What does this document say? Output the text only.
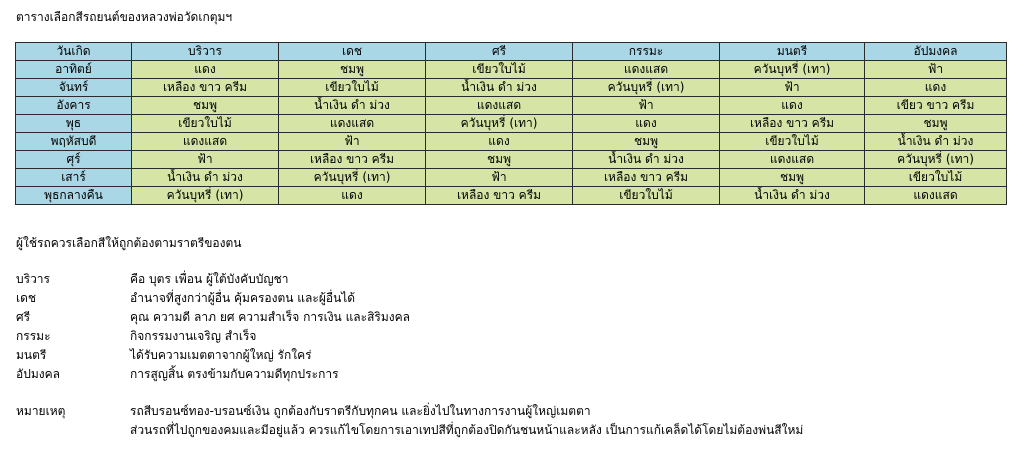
ตารางเลือกสีรถยนต์ของหลวงพ่อวัดเกตุมฯ
วันเกิด	บริวาร	เดช	ศรี	กรรมะ	มนตรี	อัปมงคล
อาทิตย์	แดง	ชมพู	เขียวใบไม้	แดงแสด	ควันบุหรี่ (เทา)	ฟ้า
จันทร์	เหลือง ขาว ครีม	เขียวใบไม้	น้ำเงิน ดำ ม่วง	ควันบุหรี่ (เทา)	ฟ้า	แดง
อังคาร	ชมพู	น้ำเงิน ดำ ม่วง	แดงแสด	ฟ้า	แดง	เขียว ขาว ครีม
พุธ	เขียวใบไม้	แดงแสด	ควันบุหรี่ (เทา)	แดง	เหลือง ขาว ครีม	ชมพู
พฤหัสบดี	แดงแสด	ฟ้า	แดง	ชมพู	เขียวใบไม้	น้ำเงิน ดำ ม่วง
ศุร์	ฟ้า	เหลือง ขาว ครีม	ชมพู	น้ำเงิน ดำ ม่วง	แดงแสด	ควันบุหรี่ (เทา)
เสาร์	น้ำเงิน ดำ ม่วง	ควันบุหรี่ (เทา)	ฟ้า	เหลือง ขาว ครีม	ชมพู	เขียวใบไม้
พุธกลางคืน	ควันบุหรี่ (เทา)	แดง	เหลือง ขาว ครีม	เขียวใบไม้	น้ำเงิน ดำ ม่วง	แดงแสด
ผู้ใช้รถควรเลือกสีให้ถูกต้องตามราตรีของตน
บริวาร	คือ บุตร เพื่อน ผู้ใต้บังคับบัญชา
เดช	อำนาจที่สูงกว่าผู้อื่น คุ้มครองตน และผู้อื่นได้
ศรี	คุณ ความดี ลาภ ยศ ความสำเร็จ การเงิน และสิริมงคล
กรรมะ	กิจกรรมงานเจริญ สำเร็จ
มนตรี	ได้รับความเมตตาจากผู้ใหญ่ รักใคร่
อัปมงคล	การสูญสิ้น ตรงข้ามกับความดีทุกประการ
หมายเหตุ	รถสีบรอนซ์ทอง-บรอนซ์เงิน ถูกต้องกับราตรีกับทุกคน และยิ่งไปในทางการงานผู้ใหญ่เมตตา
ส่วนรถที่ไปถูกของคมและมีอยู่แล้ว ควรแก้ไขโดยการเอาเทปสีที่ถูกต้องปิดกันชนหน้าและหลัง เป็นการแก้เคล็ดได้โดยไม่ต้องพ่นสีใหม่
